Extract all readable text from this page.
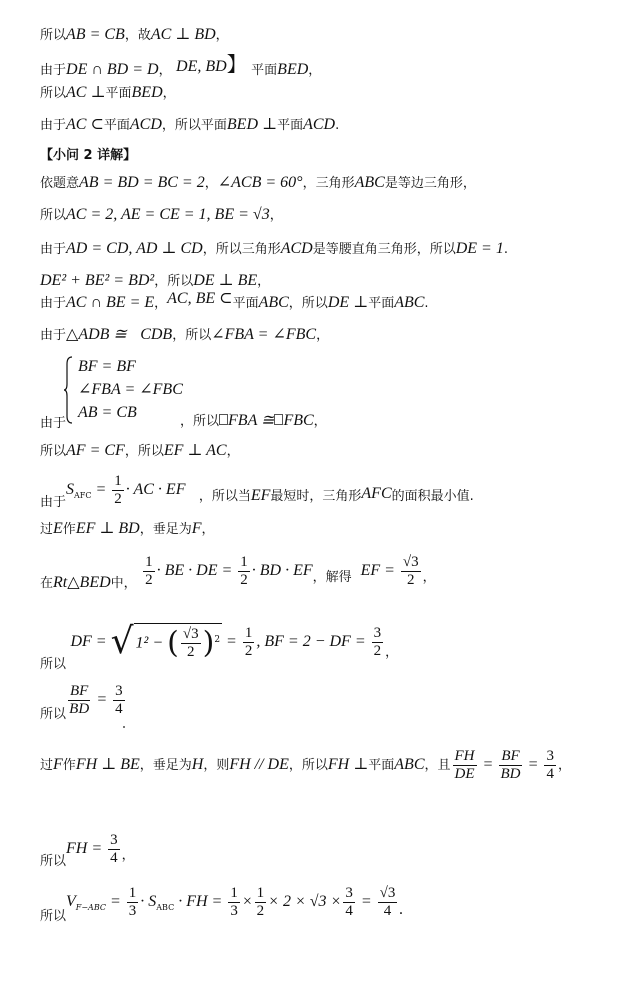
所以AB = CB，故AC ⊥ BD，
由于DE ∩ BD = D， DE, BD】 平面BED，
所以AC ⊥平面BED，
由于AC ⊂平面ACD，所以平面BED ⊥平面ACD.
【小问 2 详解】
依题意AB = BD = BC = 2，∠ACB = 60°，三角形ABC是等边三角形，
所以AC = 2, AE = CE = 1, BE = √3，
由于AD = CD, AD ⊥ CD，所以三角形ACD是等腰直角三角形，所以DE = 1.
DE² + BE² = BD²，所以DE ⊥ BE，
由于AC ∩ BE = E，AC, BE ⊂平面ABC，所以DE ⊥平面ABC.
由于△ADB ≅ CDB，所以∠FBA = ∠FBC，
BF = BF
∠FBA = ∠FBC
AB = CB
由于	，所以 FBA ≅ FBC，
所以AF = CF，所以EF ⊥ AC，
由于$S_{AFC} = \frac{1}{2}$ · AC · EF ，所以当EF最短时，三角形AFC的面积最小值.
过E作EF ⊥ BD，垂足为F，
在Rt△BED中， $\frac{1}{2}$ · BE · DE = $\frac{1}{2}$ · BD · EF，解得 EF = $\frac{√3}{2}$ ，
所以 DF = √ 1² − ( $\frac{√3}{2} )^2 = \frac{1}{2}$ , BF = 2 − DF = $\frac{3}{2}$ ，
所以 $\frac{BF}{BD} = \frac{3}{4}$
过F作FH ⊥ BE，垂足为H，则FH // DE，所以FH ⊥平面ABC，且 $\frac{FH}{DE} = \frac{BF}{BD} = \frac{3}{4}$ ，
所以FH = $\frac{3}{4}$ ，
所以$V_{F-ABC} = \frac{1}{3} \cdot S_{ABC}$ · FH = $\frac{1}{3} \times \frac{1}{2} \times 2 \times √3 \times \frac{3}{4} = \frac{√3}{4}$ .
